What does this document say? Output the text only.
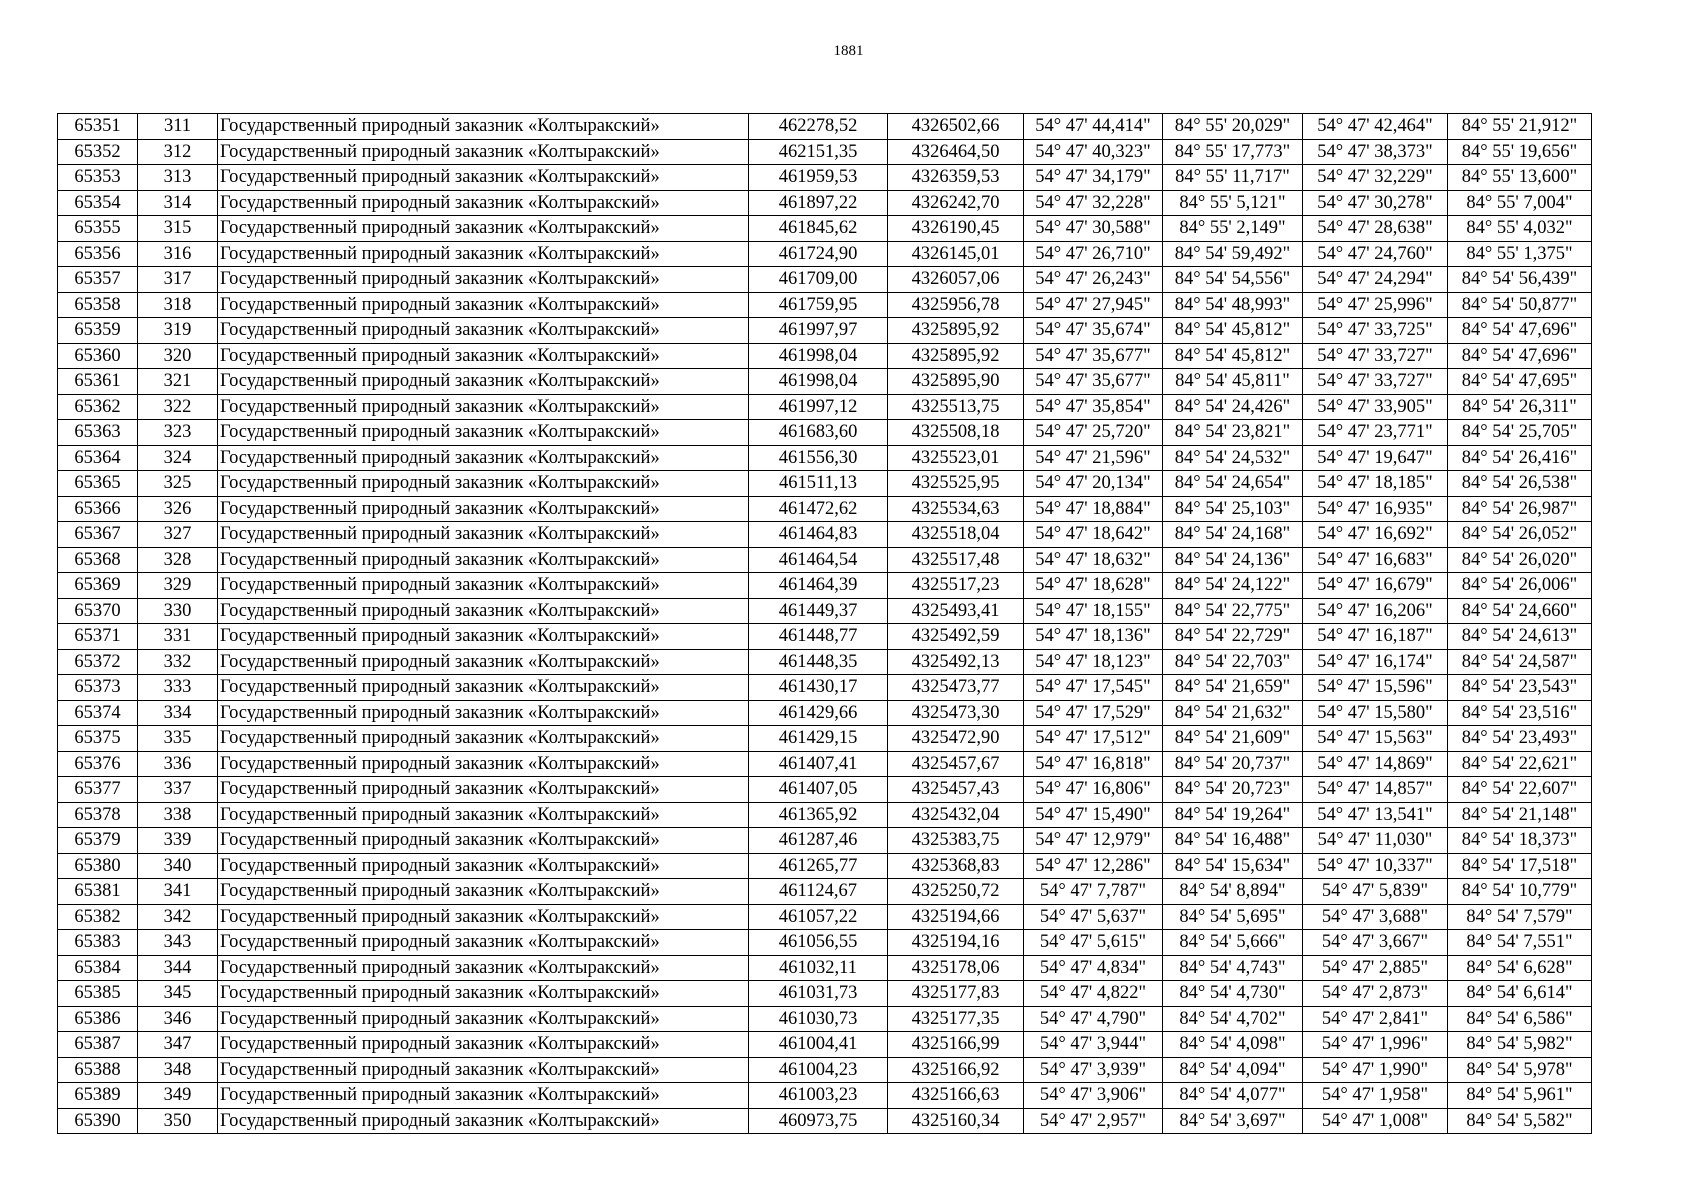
1881
65351	311	Государственный природный заказник «Колтыракский»	462278,52	4326502,66	54° 47' 44,414"	84° 55' 20,029"	54° 47' 42,464"	84° 55' 21,912"
65352	312	Государственный природный заказник «Колтыракский»	462151,35	4326464,50	54° 47' 40,323"	84° 55' 17,773"	54° 47' 38,373"	84° 55' 19,656"
65353	313	Государственный природный заказник «Колтыракский»	461959,53	4326359,53	54° 47' 34,179"	84° 55' 11,717"	54° 47' 32,229"	84° 55' 13,600"
65354	314	Государственный природный заказник «Колтыракский»	461897,22	4326242,70	54° 47' 32,228"	84° 55' 5,121"	54° 47' 30,278"	84° 55' 7,004"
65355	315	Государственный природный заказник «Колтыракский»	461845,62	4326190,45	54° 47' 30,588"	84° 55' 2,149"	54° 47' 28,638"	84° 55' 4,032"
65356	316	Государственный природный заказник «Колтыракский»	461724,90	4326145,01	54° 47' 26,710"	84° 54' 59,492"	54° 47' 24,760"	84° 55' 1,375"
65357	317	Государственный природный заказник «Колтыракский»	461709,00	4326057,06	54° 47' 26,243"	84° 54' 54,556"	54° 47' 24,294"	84° 54' 56,439"
65358	318	Государственный природный заказник «Колтыракский»	461759,95	4325956,78	54° 47' 27,945"	84° 54' 48,993"	54° 47' 25,996"	84° 54' 50,877"
65359	319	Государственный природный заказник «Колтыракский»	461997,97	4325895,92	54° 47' 35,674"	84° 54' 45,812"	54° 47' 33,725"	84° 54' 47,696"
65360	320	Государственный природный заказник «Колтыракский»	461998,04	4325895,92	54° 47' 35,677"	84° 54' 45,812"	54° 47' 33,727"	84° 54' 47,696"
65361	321	Государственный природный заказник «Колтыракский»	461998,04	4325895,90	54° 47' 35,677"	84° 54' 45,811"	54° 47' 33,727"	84° 54' 47,695"
65362	322	Государственный природный заказник «Колтыракский»	461997,12	4325513,75	54° 47' 35,854"	84° 54' 24,426"	54° 47' 33,905"	84° 54' 26,311"
65363	323	Государственный природный заказник «Колтыракский»	461683,60	4325508,18	54° 47' 25,720"	84° 54' 23,821"	54° 47' 23,771"	84° 54' 25,705"
65364	324	Государственный природный заказник «Колтыракский»	461556,30	4325523,01	54° 47' 21,596"	84° 54' 24,532"	54° 47' 19,647"	84° 54' 26,416"
65365	325	Государственный природный заказник «Колтыракский»	461511,13	4325525,95	54° 47' 20,134"	84° 54' 24,654"	54° 47' 18,185"	84° 54' 26,538"
65366	326	Государственный природный заказник «Колтыракский»	461472,62	4325534,63	54° 47' 18,884"	84° 54' 25,103"	54° 47' 16,935"	84° 54' 26,987"
65367	327	Государственный природный заказник «Колтыракский»	461464,83	4325518,04	54° 47' 18,642"	84° 54' 24,168"	54° 47' 16,692"	84° 54' 26,052"
65368	328	Государственный природный заказник «Колтыракский»	461464,54	4325517,48	54° 47' 18,632"	84° 54' 24,136"	54° 47' 16,683"	84° 54' 26,020"
65369	329	Государственный природный заказник «Колтыракский»	461464,39	4325517,23	54° 47' 18,628"	84° 54' 24,122"	54° 47' 16,679"	84° 54' 26,006"
65370	330	Государственный природный заказник «Колтыракский»	461449,37	4325493,41	54° 47' 18,155"	84° 54' 22,775"	54° 47' 16,206"	84° 54' 24,660"
65371	331	Государственный природный заказник «Колтыракский»	461448,77	4325492,59	54° 47' 18,136"	84° 54' 22,729"	54° 47' 16,187"	84° 54' 24,613"
65372	332	Государственный природный заказник «Колтыракский»	461448,35	4325492,13	54° 47' 18,123"	84° 54' 22,703"	54° 47' 16,174"	84° 54' 24,587"
65373	333	Государственный природный заказник «Колтыракский»	461430,17	4325473,77	54° 47' 17,545"	84° 54' 21,659"	54° 47' 15,596"	84° 54' 23,543"
65374	334	Государственный природный заказник «Колтыракский»	461429,66	4325473,30	54° 47' 17,529"	84° 54' 21,632"	54° 47' 15,580"	84° 54' 23,516"
65375	335	Государственный природный заказник «Колтыракский»	461429,15	4325472,90	54° 47' 17,512"	84° 54' 21,609"	54° 47' 15,563"	84° 54' 23,493"
65376	336	Государственный природный заказник «Колтыракский»	461407,41	4325457,67	54° 47' 16,818"	84° 54' 20,737"	54° 47' 14,869"	84° 54' 22,621"
65377	337	Государственный природный заказник «Колтыракский»	461407,05	4325457,43	54° 47' 16,806"	84° 54' 20,723"	54° 47' 14,857"	84° 54' 22,607"
65378	338	Государственный природный заказник «Колтыракский»	461365,92	4325432,04	54° 47' 15,490"	84° 54' 19,264"	54° 47' 13,541"	84° 54' 21,148"
65379	339	Государственный природный заказник «Колтыракский»	461287,46	4325383,75	54° 47' 12,979"	84° 54' 16,488"	54° 47' 11,030"	84° 54' 18,373"
65380	340	Государственный природный заказник «Колтыракский»	461265,77	4325368,83	54° 47' 12,286"	84° 54' 15,634"	54° 47' 10,337"	84° 54' 17,518"
65381	341	Государственный природный заказник «Колтыракский»	461124,67	4325250,72	54° 47' 7,787"	84° 54' 8,894"	54° 47' 5,839"	84° 54' 10,779"
65382	342	Государственный природный заказник «Колтыракский»	461057,22	4325194,66	54° 47' 5,637"	84° 54' 5,695"	54° 47' 3,688"	84° 54' 7,579"
65383	343	Государственный природный заказник «Колтыракский»	461056,55	4325194,16	54° 47' 5,615"	84° 54' 5,666"	54° 47' 3,667"	84° 54' 7,551"
65384	344	Государственный природный заказник «Колтыракский»	461032,11	4325178,06	54° 47' 4,834"	84° 54' 4,743"	54° 47' 2,885"	84° 54' 6,628"
65385	345	Государственный природный заказник «Колтыракский»	461031,73	4325177,83	54° 47' 4,822"	84° 54' 4,730"	54° 47' 2,873"	84° 54' 6,614"
65386	346	Государственный природный заказник «Колтыракский»	461030,73	4325177,35	54° 47' 4,790"	84° 54' 4,702"	54° 47' 2,841"	84° 54' 6,586"
65387	347	Государственный природный заказник «Колтыракский»	461004,41	4325166,99	54° 47' 3,944"	84° 54' 4,098"	54° 47' 1,996"	84° 54' 5,982"
65388	348	Государственный природный заказник «Колтыракский»	461004,23	4325166,92	54° 47' 3,939"	84° 54' 4,094"	54° 47' 1,990"	84° 54' 5,978"
65389	349	Государственный природный заказник «Колтыракский»	461003,23	4325166,63	54° 47' 3,906"	84° 54' 4,077"	54° 47' 1,958"	84° 54' 5,961"
65390	350	Государственный природный заказник «Колтыракский»	460973,75	4325160,34	54° 47' 2,957"	84° 54' 3,697"	54° 47' 1,008"	84° 54' 5,582"
